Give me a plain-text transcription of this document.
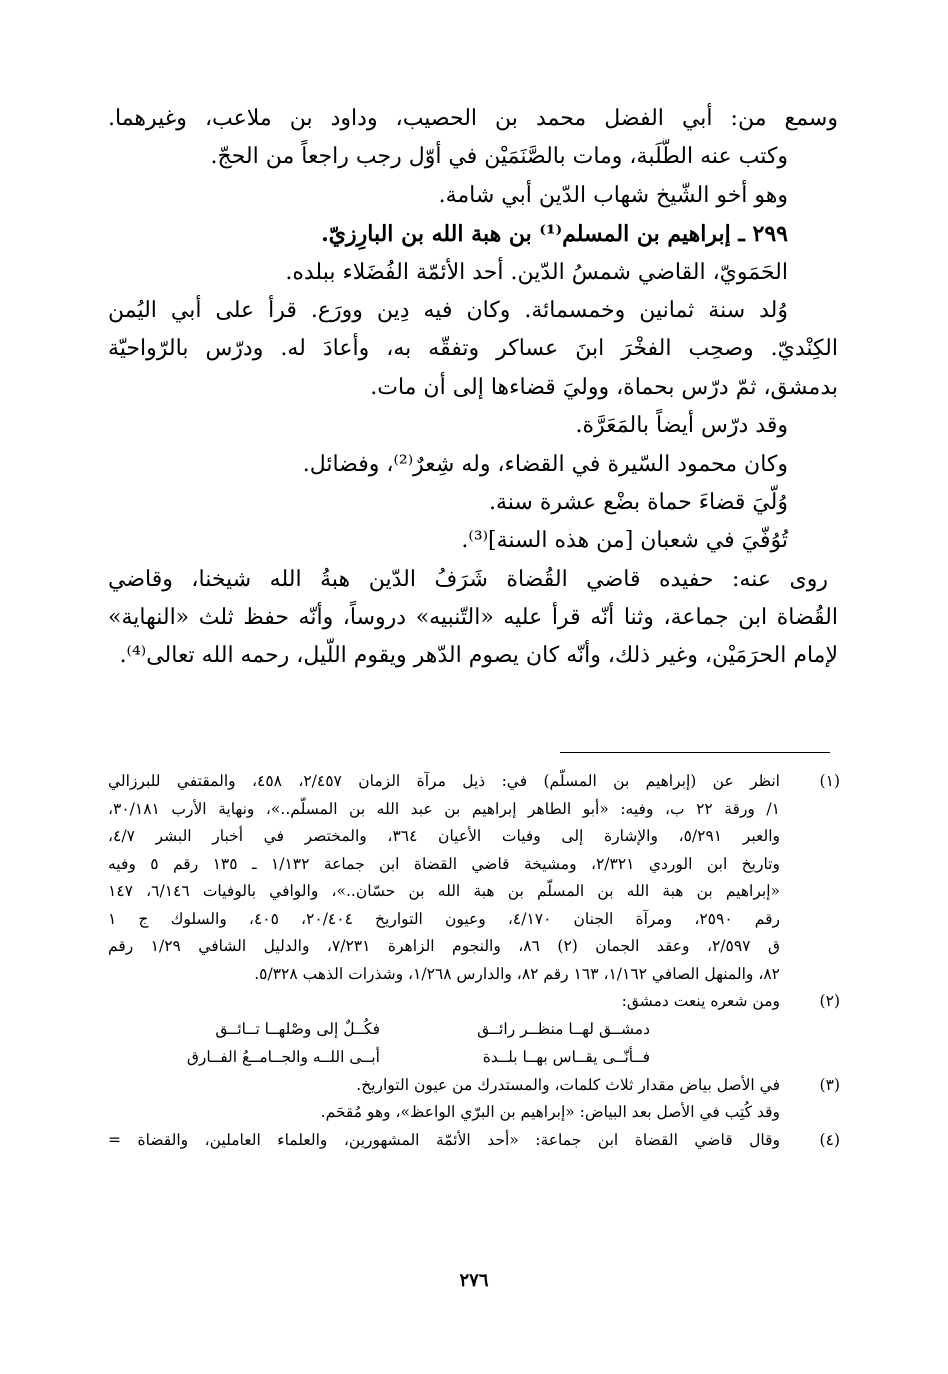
وسمع من: أبي الفضل محمد بن الحصيب، وداود بن ملاعب، وغيرهما.
وكتب عنه الطَّلَبة، ومات بالصَّنَمَيْن في أوّل رجب راجعاً من الحجّ.
وهو أخو الشّيخ شهاب الدّين أبي شامة.
٢٩٩ ـ إبراهيم بن المسلم⁽¹⁾ بن هبة الله بن البارِزيّ.
الحَمَويّ، القاضي شمسُ الدّين. أحد الأئمّة الفُضَلاء ببلده.
وُلد سنة ثمانين وخمسمائة. وكان فيه دِين وورَع. قرأ على أبي اليُمن
الكِنْديّ. وصحِب الفخْرَ ابنَ عساكر وتفقّه به، وأعادَ له. ودرّس بالرّواحيّة
بدمشق، ثمّ درّس بحماة، ووليَ قضاءها إلى أن مات.
وقد درّس أيضاً بالمَعَرَّة.
وكان محمود السّيرة في القضاء، وله شِعرٌ⁽²⁾، وفضائل.
وُلّيَ قضاءَ حماة بضْع عشرة سنة.
تُوُفّيَ في شعبان [من هذه السنة]⁽³⁾.
روى عنه: حفيده قاضي القُضاة شَرَفُ الدّين هبةُ الله شيخنا، وقاضي
القُضاة ابن جماعة، وثنا أنّه قرأ عليه «التّنبيه» دروساً، وأنّه حفظ ثلث «النهاية»
لإمام الحرَمَيْن، وغير ذلك، وأنّه كان يصوم الدّهر ويقوم اللّيل، رحمه الله تعالى⁽⁴⁾.
(١)
انظر عن (إبراهيم بن المسلّم) في: ذيل مرآة الزمان ٢/٤٥٧، ٤٥٨، والمقتفي للبرزالي
١/ ورقة ٢٢ ب، وفيه: «أبو الطاهر إبراهيم بن عبد الله بن المسلّم..»، ونهاية الأرب ٣٠/١٨١،
والعبر ٥/٢٩١، والإشارة إلى وفيات الأعيان ٣٦٤، والمختصر في أخبار البشر ٤/٧،
وتاريخ ابن الوردي ٢/٣٢١، ومشيخة قاضي القضاة ابن جماعة ١/١٣٢ ـ ١٣٥ رقم ٥ وفيه
«إبراهيم بن هبة الله بن المسلّم بن هبة الله بن حسّان..»، والوافي بالوفيات ٦/١٤٦، ١٤٧
رقم ٢٥٩٠، ومرآة الجنان ٤/١٧٠، وعيون التواريخ ٢٠/٤٠٤، ٤٠٥، والسلوك ج ١
ق ٢/٥٩٧، وعقد الجمان (٢) ٨٦، والنجوم الزاهرة ٧/٢٣١، والدليل الشافي ١/٢٩ رقم
٨٢، والمنهل الصافي ١/١٦٢، ١٦٣ رقم ٨٢، والدارس ١/٢٦٨، وشذرات الذهب ٥/٣٢٨.
(٢)
ومن شعره ينعت دمشق:
دمشــق لهــا منظــر رائــق
فكُــلٌ إلى وصْلهــا تــائــق
فــأنّــى يقــاس بهــا بلــدة
أبــى اللــه والجــامــعُ الفــارق
(٣)
في الأصل بياض مقدار ثلاث كلمات، والمستدرك من عيون التواريخ.
وقد كُتِب في الأصل بعد البياض: «إبراهيم بن البرّي الواعظ»، وهو مُقحَم.
(٤)
وقال قاضي القضاة ابن جماعة: «أحد الأئمّة المشهورين، والعلماء العاملين، والقضاة =
٢٧٦
